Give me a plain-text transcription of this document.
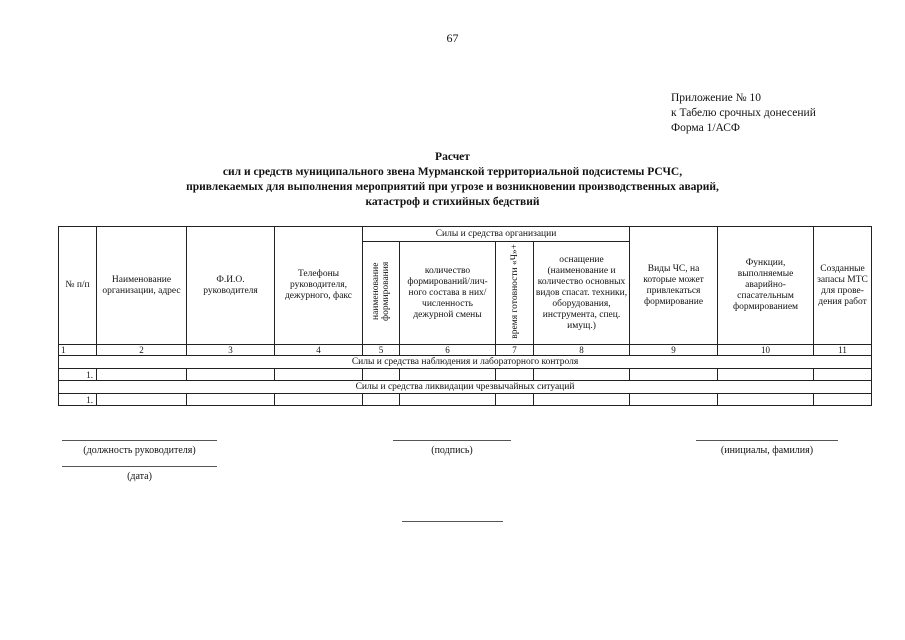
67
Приложение № 10
к Табелю срочных донесений
Форма 1/АСФ
Расчет
сил и средств муниципального звена Мурманской территориальной подсистемы РСЧС,
привлекаемых для выполнения мероприятий при угрозе и возникновении производственных аварий,
катастроф и стихийных бедствий
№ п/п	Наименование организации, адрес	Ф.И.О. руководителя	Телефоны руководителя, дежурного, факс	Силы и средства организации				Виды ЧС, на которые может привлекаться формирование	Функции, выполняемые аварийно-спасательным формированием	Созданные запасы МТС для прове-дения работ
				наименование формирования	количество формирований/лич-ного состава в них/ численность дежурной смены	время готовности «Ч»+	оснащение (наименование и количество основных видов спасат. техники, оборудования, инструмента, спец. имущ.)			
1	2	3	4	5	6	7	8	9	10	11
Силы и средства наблюдения и лабораторного контроля										
1.										
Силы и средства ликвидации чрезвычайных ситуаций										
1.										
(должность руководителя)	(подпись)	(инициалы, фамилия)
(дата)
